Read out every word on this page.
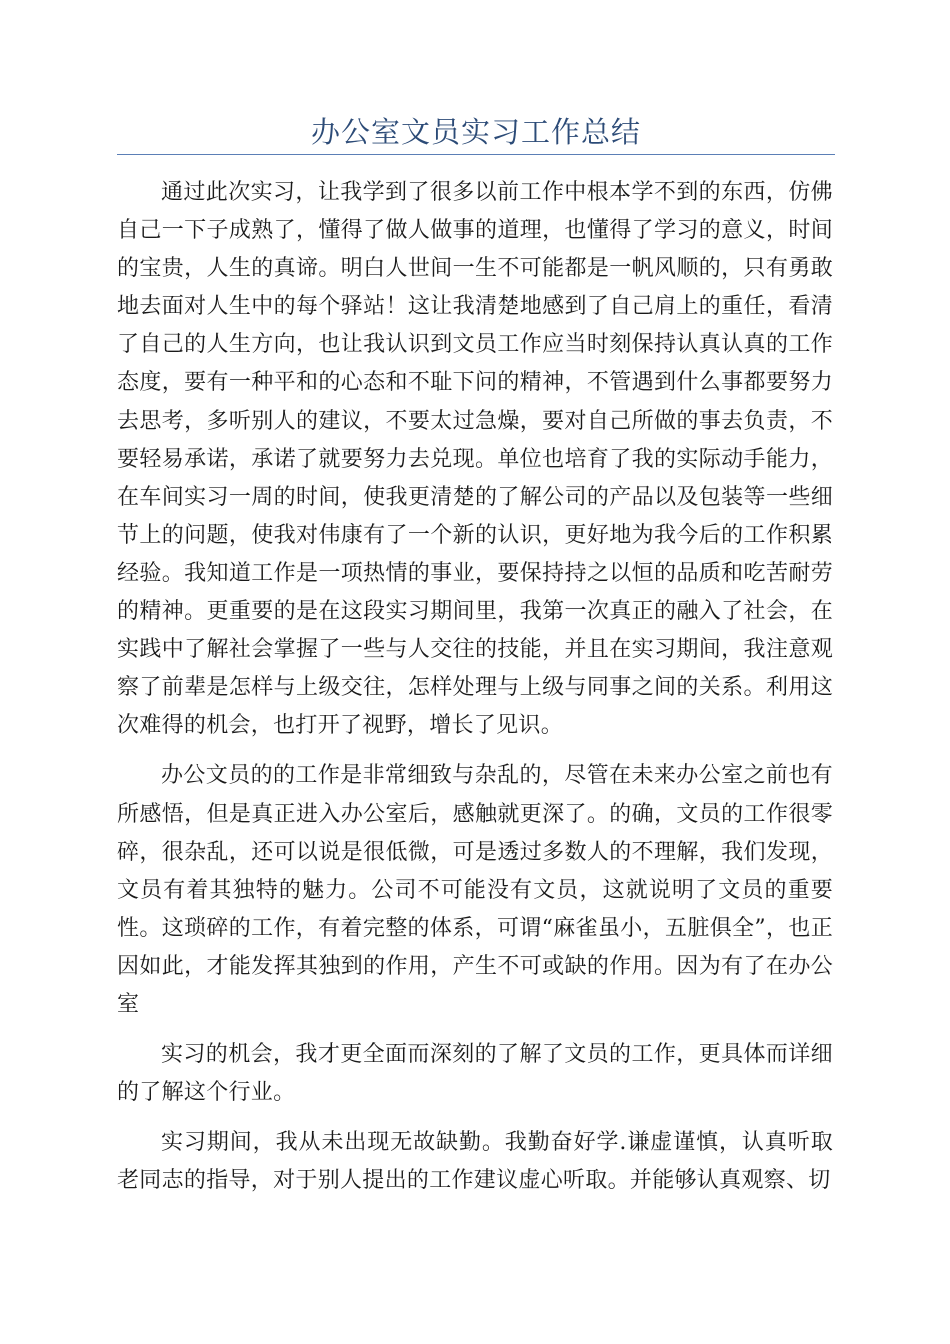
办公室文员实习工作总结

通过此次实习，让我学到了很多以前工作中根本学不到的东西，仿佛自己一下子成熟了，懂得了做人做事的道理，也懂得了学习的意义，时间的宝贵，人生的真谛。明白人世间一生不可能都是一帆风顺的，只有勇敢地去面对人生中的每个驿站！这让我清楚地感到了自己肩上的重任，看清了自己的人生方向，也让我认识到文员工作应当时刻保持认真认真的工作态度，要有一种平和的心态和不耻下问的精神，不管遇到什么事都要努力去思考，多听别人的建议，不要太过急燥，要对自己所做的事去负责，不要轻易承诺，承诺了就要努力去兑现。单位也培育了我的实际动手能力，在车间实习一周的时间，使我更清楚的了解公司的产品以及包装等一些细节上的问题，使我对伟康有了一个新的认识，更好地为我今后的工作积累经验。我知道工作是一项热情的事业，要保持持之以恒的品质和吃苦耐劳的精神。更重要的是在这段实习期间里，我第一次真正的融入了社会，在实践中了解社会掌握了一些与人交往的技能，并且在实习期间，我注意观察了前辈是怎样与上级交往，怎样处理与上级与同事之间的关系。利用这次难得的机会，也打开了视野，增长了见识。

办公文员的的工作是非常细致与杂乱的，尽管在未来办公室之前也有所感悟，但是真正进入办公室后，感触就更深了。的确，文员的工作很零碎，很杂乱，还可以说是很低微，可是透过多数人的不理解，我们发现，文员有着其独特的魅力。公司不可能没有文员，这就说明了文员的重要性。这琐碎的工作，有着完整的体系，可谓“麻雀虽小，五脏俱全”，也正因如此，才能发挥其独到的作用，产生不可或缺的作用。因为有了在办公室

实习的机会，我才更全面而深刻的了解了文员的工作，更具体而详细的了解这个行业。

实习期间，我从未出现无故缺勤。我勤奋好学.谦虚谨慎，认真听取老同志的指导，对于别人提出的工作建议虚心听取。并能够认真观察、切
